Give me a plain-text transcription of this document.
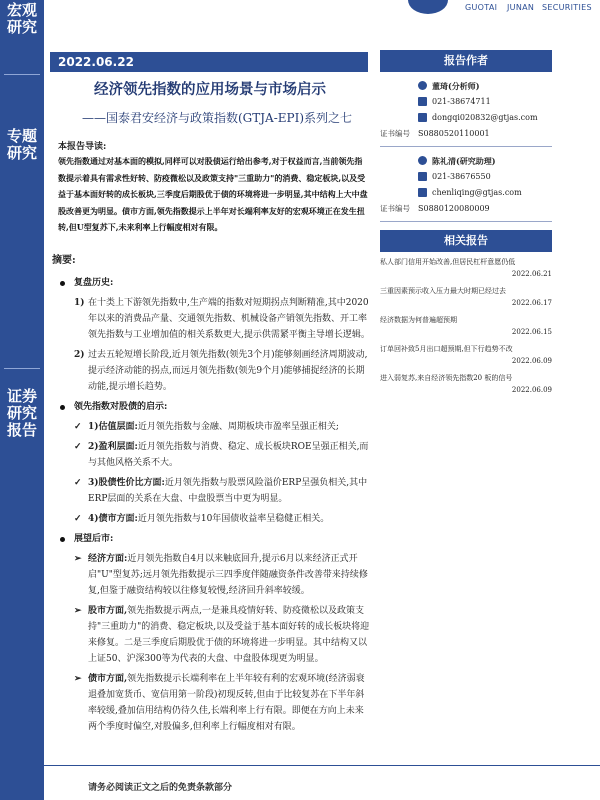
宏观研究
专题研究
证券研究报告
GUOTAI JUNAN SECURITIES
2022.06.22
经济领先指数的应用场景与市场启示
——国泰君安经济与政策指数(GTJA-EPI)系列之七
本报告导读:
领先指数通过对基本面的模拟,同样可以对股债运行给出参考,对于权益而言,当前领先指数提示着具有需求性好转、防疫微松以及政策支持"三重助力"的消费、稳定板块,以及受益于基本面好转的成长板块,三季度后期股优于债的环境将进一步明显,其中结构上大中盘股改善更为明显。债市方面,领先指数提示上半年对长端利率友好的宏观环境正在发生扭转,但U型复苏下,未来利率上行幅度相对有限。
摘要:
复盘历史:
1) 在十类上下游领先指数中,生产端的指数对短期拐点判断精准,其中2020年以来的消费品产量、交通领先指数、机械设备产销领先指数、开工率领先指数与工业增加值的相关系数更大,提示供需紧平衡主导增长逻辑。
2) 过去五轮短增长阶段,近月领先指数(领先3个月)能够刻画经济周期波动,提示经济动能的拐点,而远月领先指数(领先9个月)能够捕捉经济的长期动能,提示增长趋势。
领先指数对股债的启示:
✓ 1)估值层面:近月领先指数与金融、周期板块市盈率呈强正相关;
✓ 2)盈利层面:近月领先指数与消费、稳定、成长板块ROE呈强正相关,而与其他风格关系不大。
✓ 3)股债性价比方面:近月领先指数与股票风险溢价ERP呈强负相关,其中ERP层面的关系在大盘、中盘股票当中更为明显。
✓ 4)债市方面:近月领先指数与10年国债收益率呈稳健正相关。
展望后市:
➢ 经济方面:近月领先指数自4月以来触底回升,提示6月以来经济正式开启"U"型复苏;远月领先指数提示三四季度伴随融资条件改善带来持续修复,但鉴于融资结构较以往修复较慢,经济回升斜率较缓。
➢ 股市方面,领先指数提示两点,一是兼具疫情好转、防疫微松以及政策支持"三重助力"的消费、稳定板块,以及受益于基本面好转的成长板块将迎来修复。二是三季度后期股优于债的环境将进一步明显。其中结构又以上证50、沪深300等为代表的大盘、中盘股体现更为明显。
➢ 债市方面,领先指数提示长端利率在上半年较有利的宏观环境(经济弱衰退叠加宽货币、宽信用第一阶段)初现反转,但由于比较复苏在下半年斜率较缓,叠加信用结构仍待久佳,长端利率上行有限。即便在方向上未来两个季度时偏空,对股偏多,但利率上行幅度相对有限。
报告作者
董琦(分析师)
021-38674711
dongqi020832@gtjas.com
证书编号 S0880520110001
陈礼清(研究助理)
021-38676550
chenliqing@gtjas.com
证书编号 S0880120080009
相关报告
私人部门信用开始改善,但居民杠杆意愿仍低
2022.06.21
三重因素预示收入压力最大时期已经过去
2022.06.17
经济数据为何普遍超预期
2022.06.15
订单回补致5月出口超预期,但下行趋势不改
2022.06.09
进入弱复苏,来自经济领先指数20 板的信号
2022.06.09
请务必阅读正文之后的免责条款部分
